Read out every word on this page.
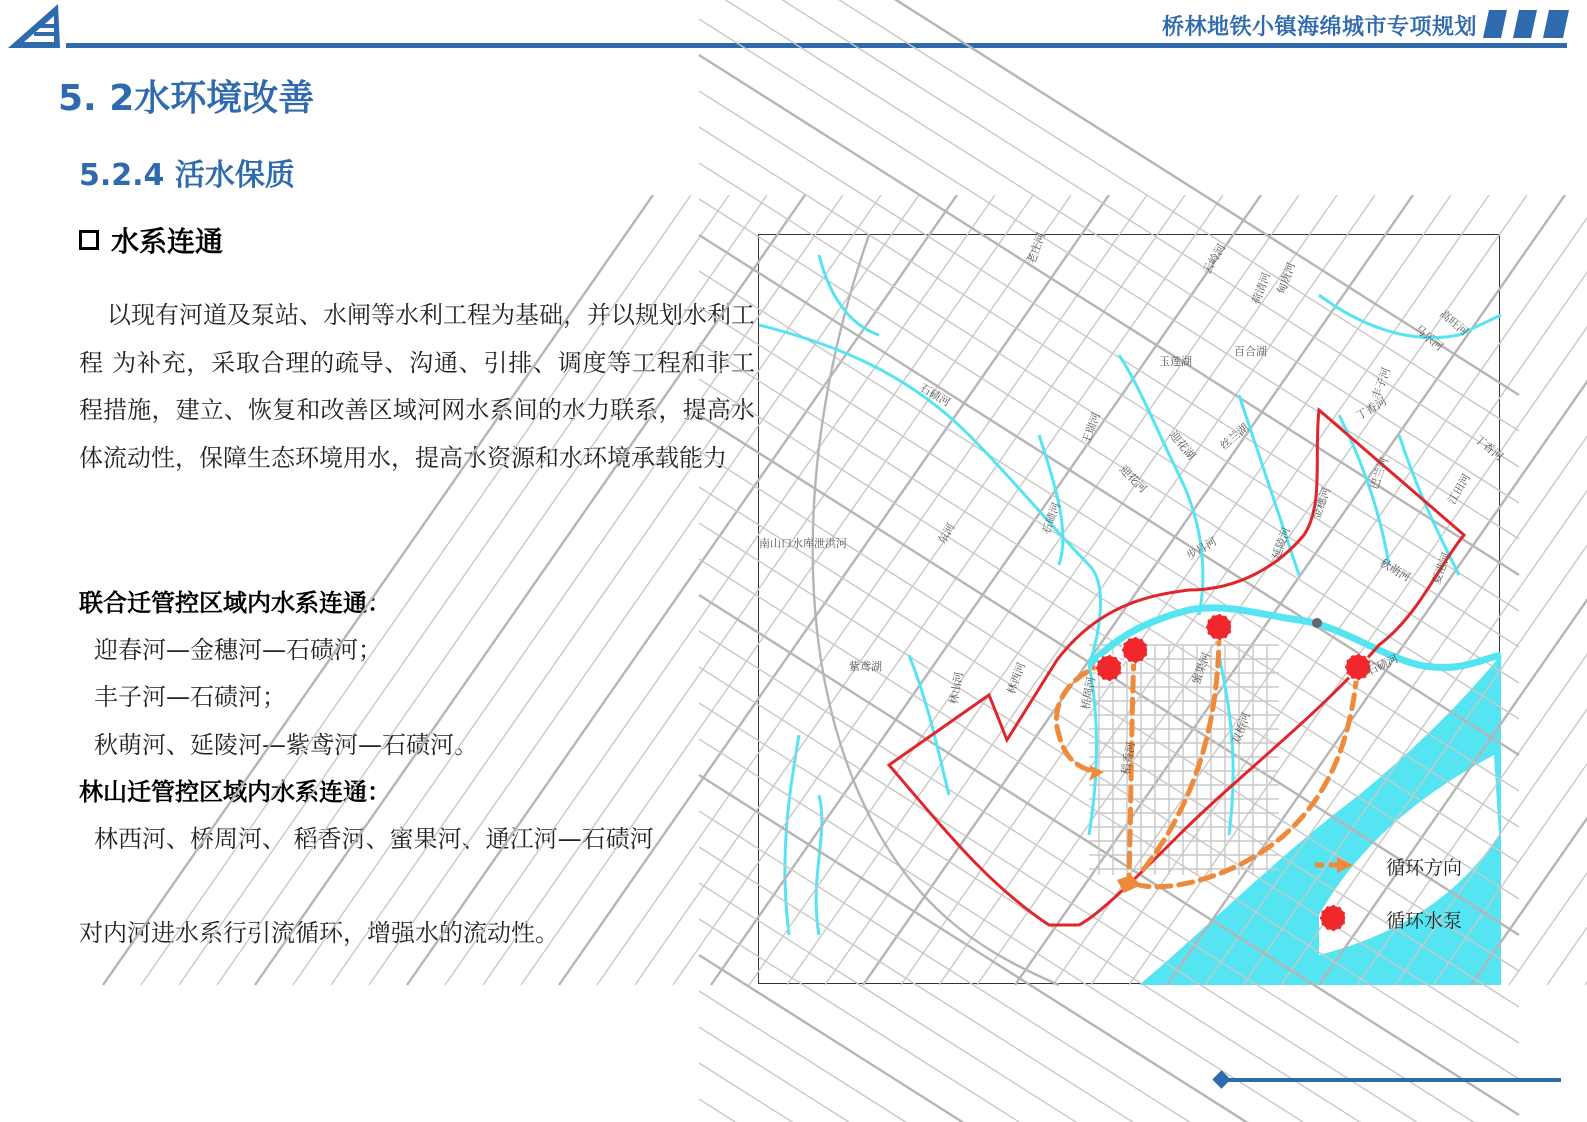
桥林地铁小镇海绵城市专项规划
5. 2水环境改善
5.2.4 活水保质
水系连通
以现有河道及泵站、水闸等水利工程为基础，并以规划水利工程 为补充，采取合理的疏导、沟通、引排、调度等工程和非工程措施，建立、恢复和改善区域河网水系间的水力联系，提高水体流动性，保障生态环境用水，提高水资源和水环境承载能力
联合迁管控区域内水系连通：
迎春河—金穗河—石碛河；
丰子河—石碛河；
秋萌河、延陵河—紫鸢河—石碛河。
林山迁管控区域内水系连通：
林西河、桥周河、 稻香河、蜜果河、通江河—石碛河
对内河进水系行引流循环，增强水的流动性。
老庄河	云岭河
荷清河 甸唐河
高旺河
马乐河
石碛河
玉莲湖
百合湖
丁香河
丁香河
王瑞河	迎花湖
丰子河
丝兰湖
迎花河	江田河
石碛河
东河
金穗河
巴兰河
秋萌河 夏港河
南山口水库泄洪河	步月河	延陵河
紫鸢湖
桥周河
林西河
林山河
蜜果河
稻香河
双桥河
石碛河
循环方向
循环水泵
